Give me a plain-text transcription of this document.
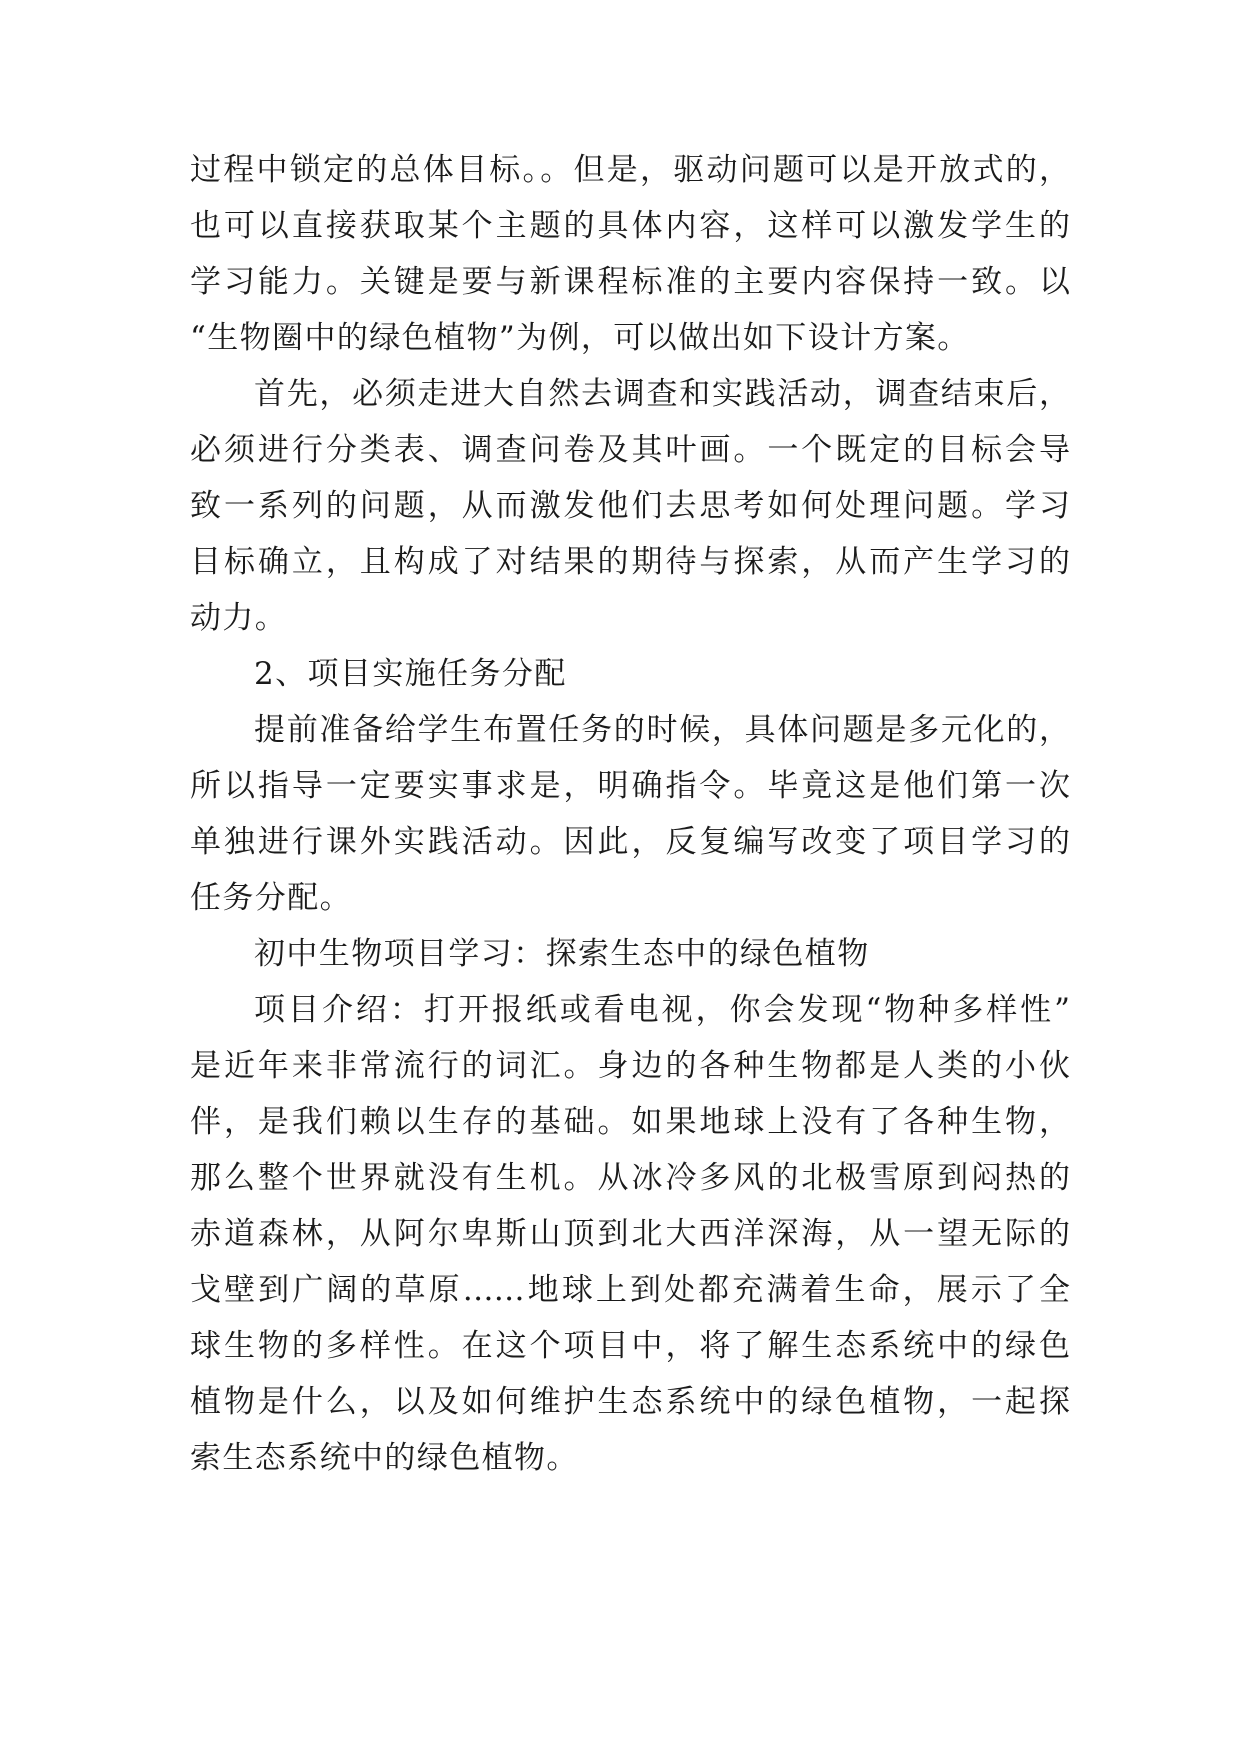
过程中锁定的总体目标。。但是，驱动问题可以是开放式的，
也可以直接获取某个主题的具体内容，这样可以激发学生的
学习能力。关键是要与新课程标准的主要内容保持一致。以
“生物圈中的绿色植物”为例，可以做出如下设计方案。
首先，必须走进大自然去调查和实践活动，调查结束后，
必须进行分类表、调查问卷及其叶画。一个既定的目标会导
致一系列的问题，从而激发他们去思考如何处理问题。学习
目标确立，且构成了对结果的期待与探索，从而产生学习的
动力。
2、项目实施任务分配
提前准备给学生布置任务的时候，具体问题是多元化的，
所以指导一定要实事求是，明确指令。毕竟这是他们第一次
单独进行课外实践活动。因此，反复编写改变了项目学习的
任务分配。
初中生物项目学习：探索生态中的绿色植物
项目介绍：打开报纸或看电视，你会发现“物种多样性”
是近年来非常流行的词汇。身边的各种生物都是人类的小伙
伴，是我们赖以生存的基础。如果地球上没有了各种生物，
那么整个世界就没有生机。从冰冷多风的北极雪原到闷热的
赤道森林，从阿尔卑斯山顶到北大西洋深海，从一望无际的
戈壁到广阔的草原……地球上到处都充满着生命，展示了全
球生物的多样性。在这个项目中，将了解生态系统中的绿色
植物是什么，以及如何维护生态系统中的绿色植物，一起探
索生态系统中的绿色植物。
